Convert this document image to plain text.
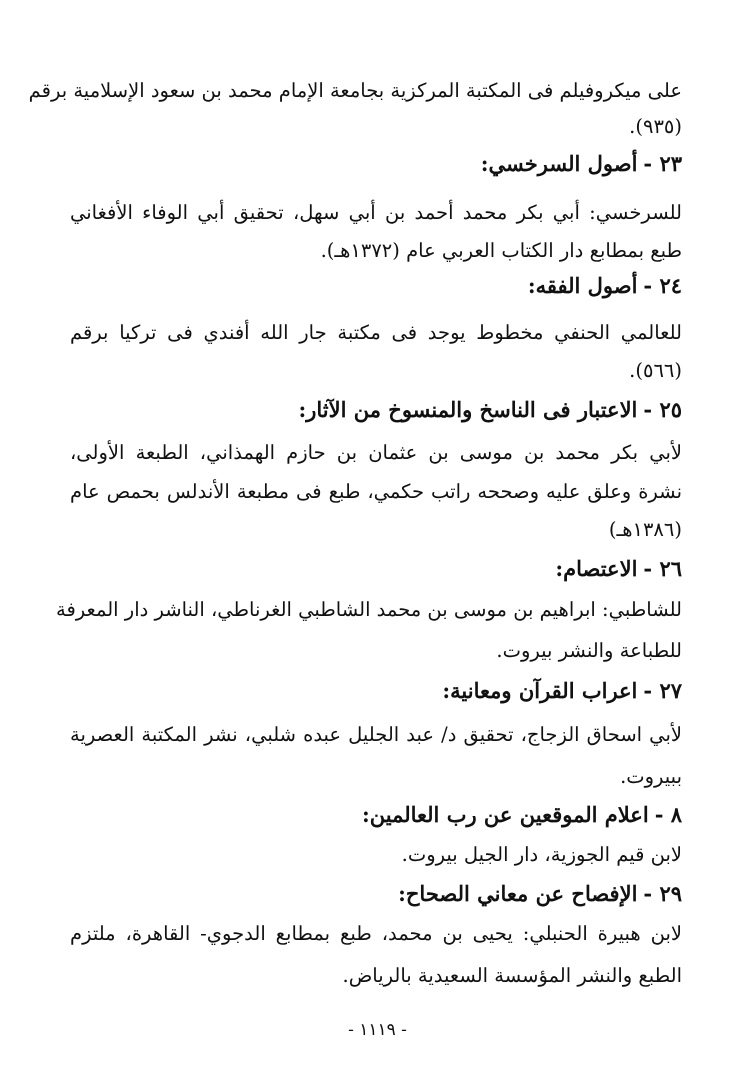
على ميكروفيلم فى المكتبة المركزية بجامعة الإمام محمد بن سعود الإسلامية برقم
(٩٣٥).
٢٣ -أصول السرخسي:
للسرخسي: أبي بكر محمد أحمد بن أبي سهل، تحقيق أبي الوفاء الأفغاني
طبع بمطابع دار الكتاب العربي عام (١٣٧٢هـ).
٢٤ -أصول الفقه:
للعالمي الحنفي مخطوط يوجد فى مكتبة جار الله أفندي فى تركيا برقم
(٥٦٦).
٢٥ -الاعتبار فى الناسخ والمنسوخ من الآثار:
لأبي بكر محمد بن موسى بن عثمان بن حازم الهمذاني، الطبعة الأولى،
نشرة وعلق عليه وصححه راتب حكمي، طبع فى مطبعة الأندلس بحمص عام
(١٣٨٦هـ)
٢٦ -الاعتصام:
للشاطبي: ابراهيم بن موسى بن محمد الشاطبي الغرناطي، الناشر دار المعرفة
للطباعة والنشر بيروت.
٢٧ -اعراب القرآن ومعانية:
لأبي اسحاق الزجاج، تحقيق د/ عبد الجليل عبده شلبي، نشر المكتبة العصرية
ببيروت.
٨ -اعلام الموقعين عن رب العالمين:
لابن قيم الجوزية، دار الجيل بيروت.
٢٩ -الإفصاح عن معاني الصحاح:
لابن هبيرة الحنبلي: يحيى بن محمد، طبع بمطابع الدجوي- القاهرة، ملتزم
الطبع والنشر المؤسسة السعيدية بالرياض.
- ١١١٩ -
